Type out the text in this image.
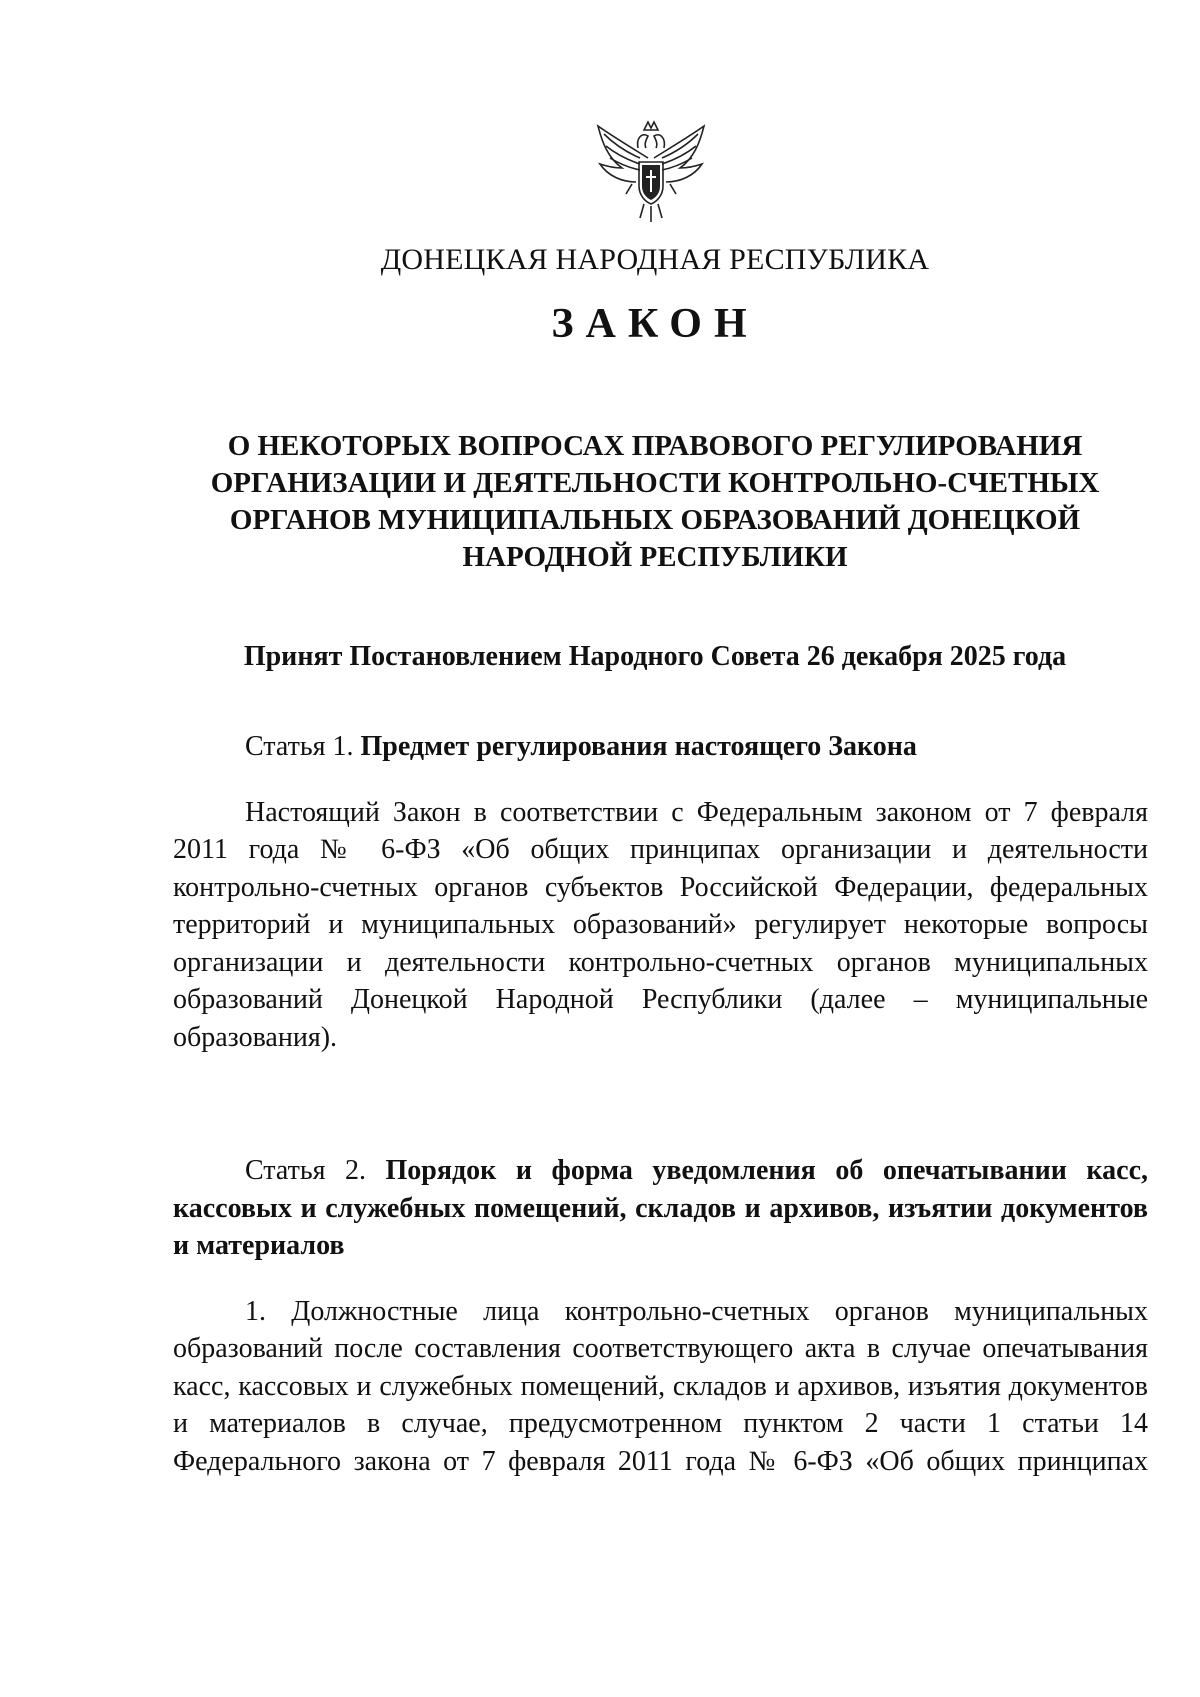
ДОНЕЦКАЯ НАРОДНАЯ РЕСПУБЛИКА
ЗАКОН
О НЕКОТОРЫХ ВОПРОСАХ ПРАВОВОГО РЕГУЛИРОВАНИЯ ОРГАНИЗАЦИИ И ДЕЯТЕЛЬНОСТИ КОНТРОЛЬНО-СЧЕТНЫХ ОРГАНОВ МУНИЦИПАЛЬНЫХ ОБРАЗОВАНИЙ ДОНЕЦКОЙ НАРОДНОЙ РЕСПУБЛИКИ
Принят Постановлением Народного Совета 26 декабря 2025 года
Статья 1. Предмет регулирования настоящего Закона
Настоящий Закон в соответствии с Федеральным законом от 7 февраля 2011 года № 6-ФЗ «Об общих принципах организации и деятельности контрольно-счетных органов субъектов Российской Федерации, федеральных территорий и муниципальных образований» регулирует некоторые вопросы организации и деятельности контрольно-счетных органов муниципальных образований Донецкой Народной Республики (далее – муниципальные образования).
Статья 2. Порядок и форма уведомления об опечатывании касс, кассовых и служебных помещений, складов и архивов, изъятии документов и материалов
1. Должностные лица контрольно-счетных органов муниципальных образований после составления соответствующего акта в случае опечатывания касс, кассовых и служебных помещений, складов и архивов, изъятия документов и материалов в случае, предусмотренном пунктом 2 части 1 статьи 14 Федерального закона от 7 февраля 2011 года № 6-ФЗ «Об общих принципах
